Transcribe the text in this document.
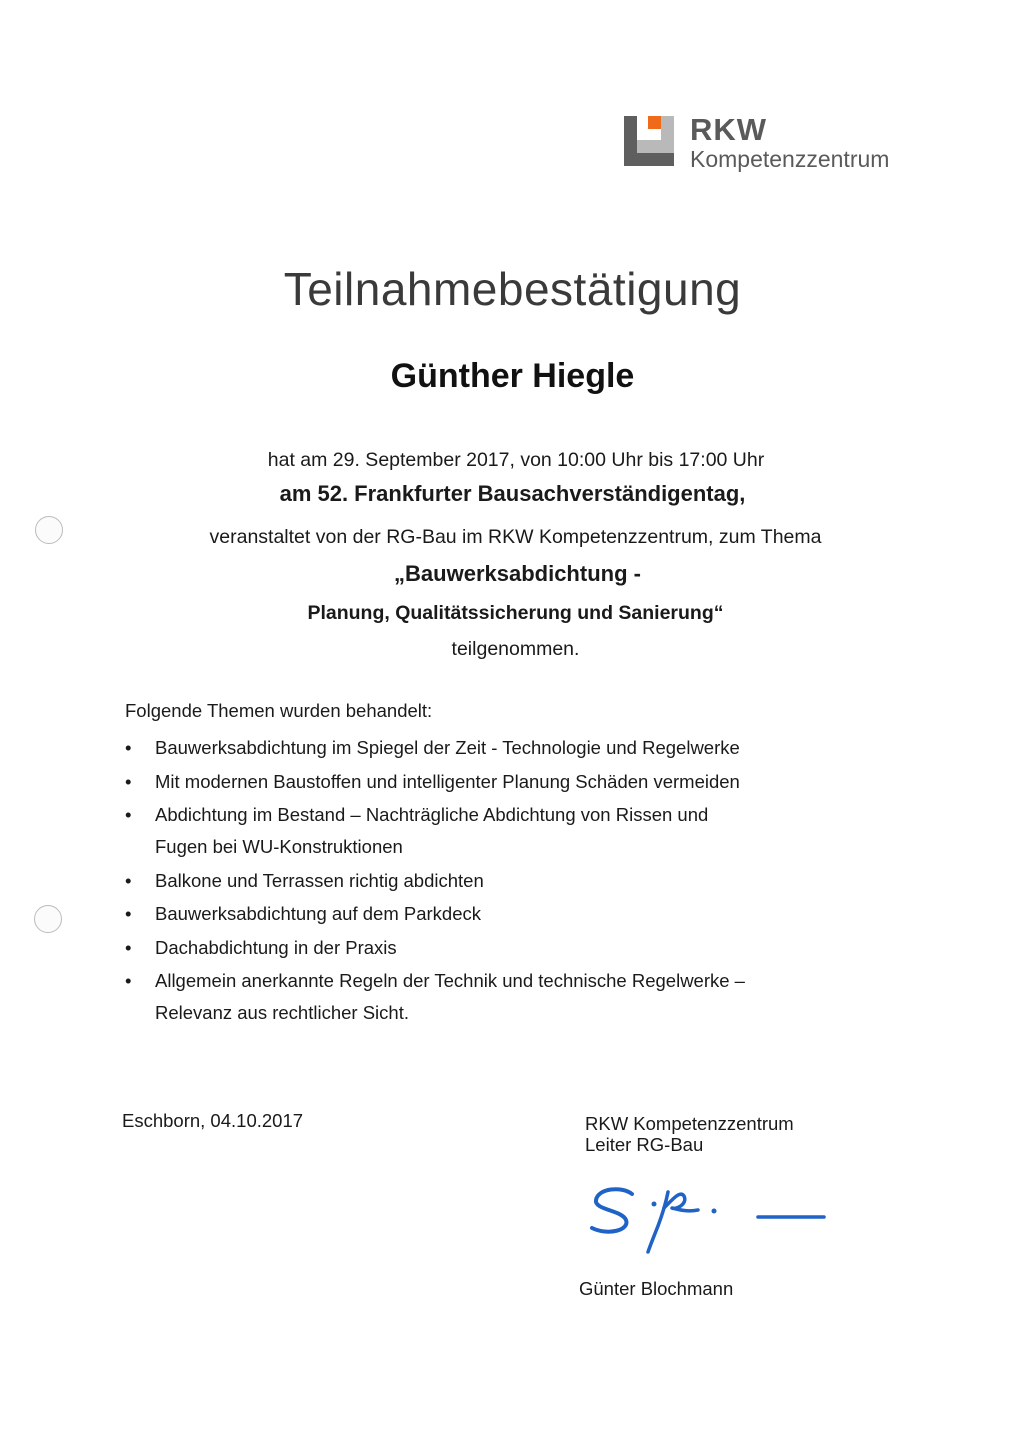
RKW
Kompetenzzentrum
Teilnahmebestätigung
Günther Hiegle
hat am 29. September 2017, von 10:00 Uhr bis 17:00 Uhr
am 52. Frankfurter Bausachverständigentag,
veranstaltet von der RG-Bau im RKW Kompetenzzentrum, zum Thema
„Bauwerksabdichtung -
Planung, Qualitätssicherung und Sanierung“
teilgenommen.
Folgende Themen wurden behandelt:
• Bauwerksabdichtung im Spiegel der Zeit - Technologie und Regelwerke
• Mit modernen Baustoffen und intelligenter Planung Schäden vermeiden
• Abdichtung im Bestand – Nachträgliche Abdichtung von Rissen und Fugen bei WU-Konstruktionen
• Balkone und Terrassen richtig abdichten
• Bauwerksabdichtung auf dem Parkdeck
• Dachabdichtung in der Praxis
• Allgemein anerkannte Regeln der Technik und technische Regelwerke – Relevanz aus rechtlicher Sicht.
Eschborn, 04.10.2017	RKW Kompetenzzentrum
Leiter RG-Bau
Günter Blochmann
